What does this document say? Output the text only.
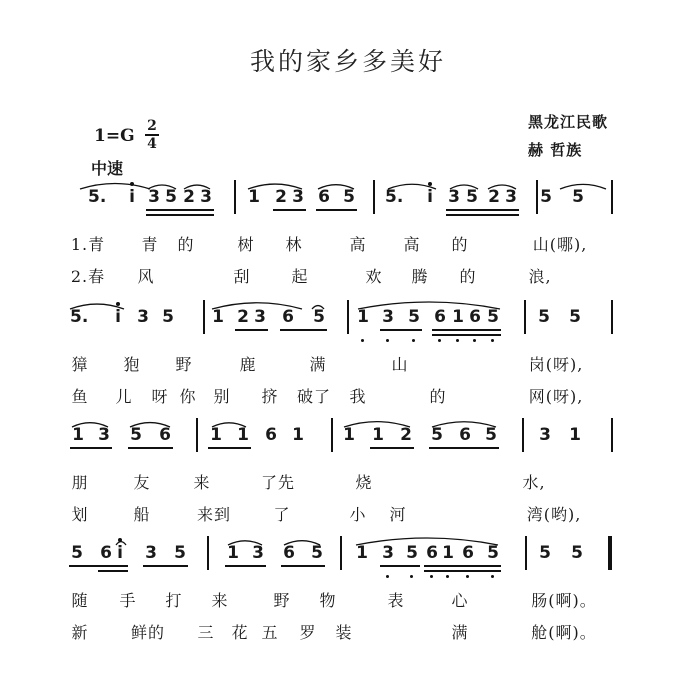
我的家乡多美好
黑龙江民歌
赫 哲族
1=G 2
4
中速
5. i 3 5 2 3 1 2 3 6 5 5. i 3 5 2 3 5 5
1.青 青 的	树 林	高 高 的	山(哪),
2.春 风	刮	起	欢 腾 的	浪,
5. i 3 5 1 2 3 6 5 1 3 5 6 1 6 5 5 5
獐 狍 野	鹿	满	山	岗(呀),
鱼 儿 呀 你 别 挤 破了 我	的	网(呀),
1 3 5 6 1 1 6 1 1 1 2 5 6 5 3 1
朋	友	来	了先	烧	水,
划	船	来到	了	小 河	湾(哟),
5 6 i 3 5 1 3 6 5 1 3 5 6 1 6 5 5 5
随 手 打 来	野 物	表	心	肠(啊)。
新	鲜的 三 花 五 罗 装	满	舱(啊)。
